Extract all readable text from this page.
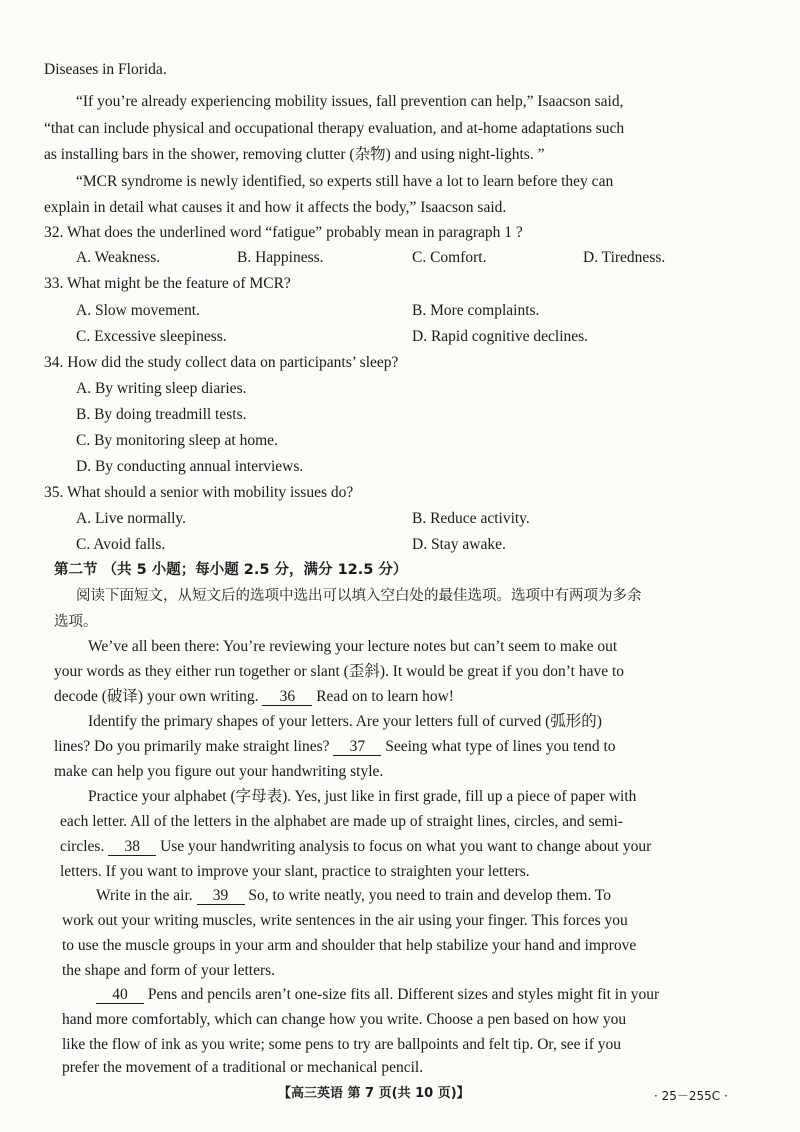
Diseases in Florida.
“If you’re already experiencing mobility issues, fall prevention can help,” Isaacson said,
“that can include physical and occupational therapy evaluation, and at-home adaptations such
as installing bars in the shower, removing clutter (杂物) and using night-lights. ”
“MCR syndrome is newly identified, so experts still have a lot to learn before they can
explain in detail what causes it and how it affects the body,” Isaacson said.
32. What does the underlined word “fatigue” probably mean in paragraph 1 ?
A. Weakness.	B. Happiness.	C. Comfort.	D. Tiredness.
33. What might be the feature of MCR?
A. Slow movement.	B. More complaints.
C. Excessive sleepiness.	D. Rapid cognitive declines.
34. How did the study collect data on participants’ sleep?
A. By writing sleep diaries.
B. By doing treadmill tests.
C. By monitoring sleep at home.
D. By conducting annual interviews.
35. What should a senior with mobility issues do?
A. Live normally.	B. Reduce activity.
C. Avoid falls.	D. Stay awake.
第二节 （共 5 小题；每小题 2.5 分，满分 12.5 分）
阅读下面短文，从短文后的选项中选出可以填入空白处的最佳选项。选项中有两项为多余
选项。
We’ve all been there: You’re reviewing your lecture notes but can’t seem to make out
your words as they either run together or slant (歪斜). It would be great if you don’t have to
decode (破译) your own writing. 36 Read on to learn how!
Identify the primary shapes of your letters. Are your letters full of curved (弧形的)
lines? Do you primarily make straight lines? 37 Seeing what type of lines you tend to
make can help you figure out your handwriting style.
Practice your alphabet (字母表). Yes, just like in first grade, fill up a piece of paper with
each letter. All of the letters in the alphabet are made up of straight lines, circles, and semi-
circles. 38 Use your handwriting analysis to focus on what you want to change about your
letters. If you want to improve your slant, practice to straighten your letters.
Write in the air. 39 So, to write neatly, you need to train and develop them. To
work out your writing muscles, write sentences in the air using your finger. This forces you
to use the muscle groups in your arm and shoulder that help stabilize your hand and improve
the shape and form of your letters.
40 Pens and pencils aren’t one-size fits all. Different sizes and styles might fit in your
hand more comfortably, which can change how you write. Choose a pen based on how you
like the flow of ink as you write; some pens to try are ballpoints and felt tip. Or, see if you
prefer the movement of a traditional or mechanical pencil.
【高三英语 第 7 页(共 10 页)】	· 25－255C ·
